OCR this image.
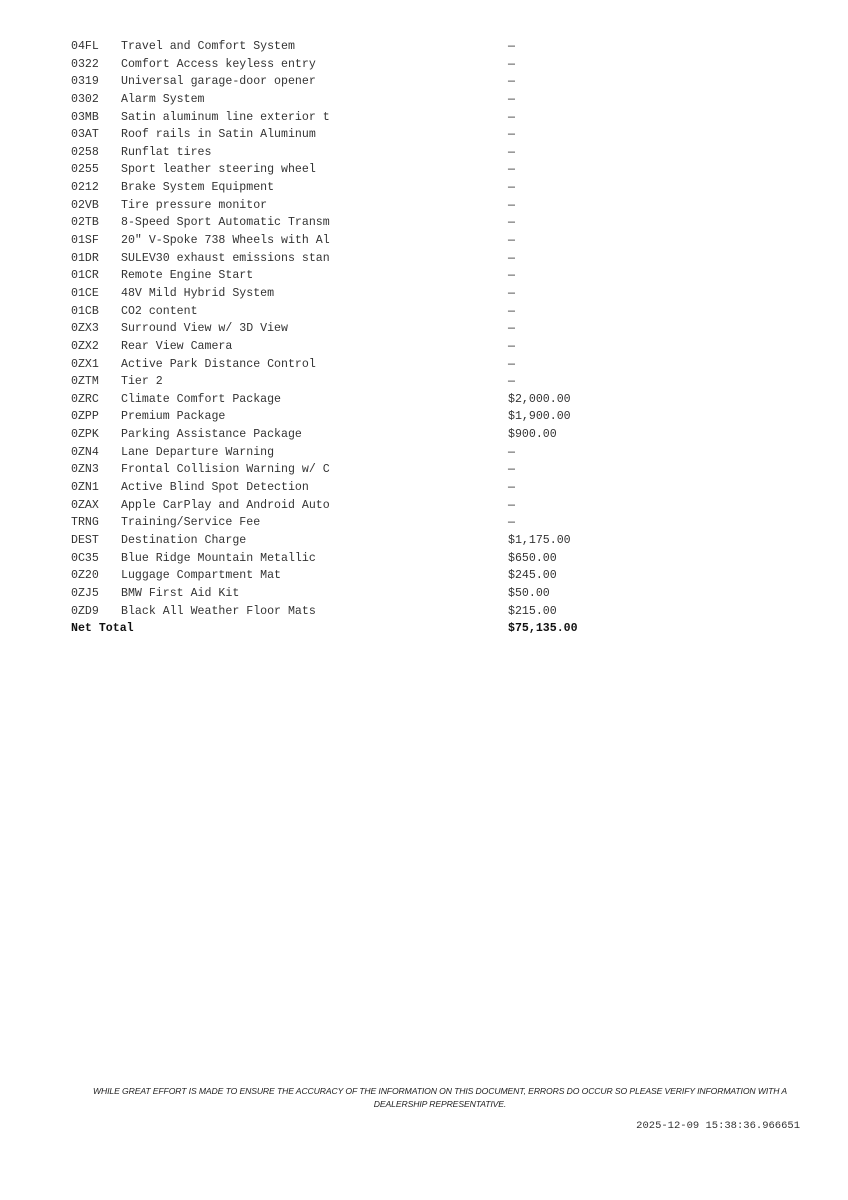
04FL Travel and Comfort System	—
0322 Comfort Access keyless entry	—
0319 Universal garage-door opener	—
0302 Alarm System	—
03MB Satin aluminum line exterior t	—
03AT Roof rails in Satin Aluminum	—
0258 Runflat tires	—
0255 Sport leather steering wheel	—
0212 Brake System Equipment	—
02VB Tire pressure monitor	—
02TB 8-Speed Sport Automatic Transm	—
01SF 20" V-Spoke 738 Wheels with Al	—
01DR SULEV30 exhaust emissions stan	—
01CR Remote Engine Start	—
01CE 48V Mild Hybrid System	—
01CB CO2 content	—
0ZX3 Surround View w/ 3D View	—
0ZX2 Rear View Camera	—
0ZX1 Active Park Distance Control	—
0ZTM Tier 2	—
0ZRC Climate Comfort Package	$2,000.00
0ZPP Premium Package	$1,900.00
0ZPK Parking Assistance Package	$900.00
0ZN4 Lane Departure Warning	—
0ZN3 Frontal Collision Warning w/ C	—
0ZN1 Active Blind Spot Detection	—
0ZAX Apple CarPlay and Android Auto	—
TRNG Training/Service Fee	—
DEST Destination Charge	$1,175.00
0C35 Blue Ridge Mountain Metallic	$650.00
0Z20 Luggage Compartment Mat	$245.00
0ZJ5 BMW First Aid Kit	$50.00
0ZD9 Black All Weather Floor Mats	$215.00
Net Total	$75,135.00
WHILE GREAT EFFORT IS MADE TO ENSURE THE ACCURACY OF THE INFORMATION ON THIS DOCUMENT, ERRORS DO OCCUR SO PLEASE VERIFY INFORMATION WITH A
DEALERSHIP REPRESENTATIVE.
2025-12-09 15:38:36.966651
